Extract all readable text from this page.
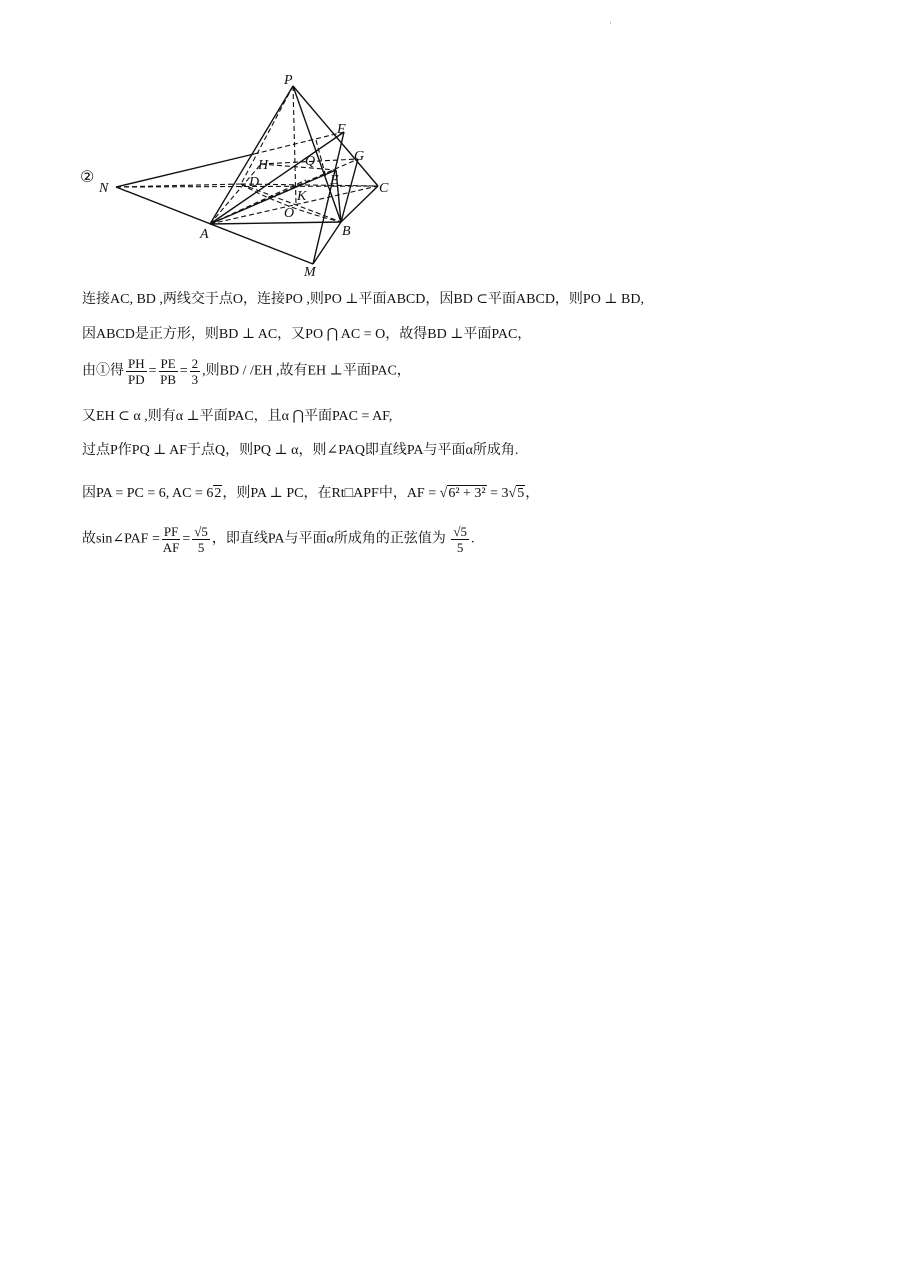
·
②
P
F
G
H	Q
D	E
C
K
O
N
A	B
M
连接AC, BD ,两线交于点O，连接PO ,则PO ⊥平面ABCD，因BD ⊂平面ABCD，则PO ⊥ BD,
因ABCD是正方形，则BD ⊥ AC，又PO ⋂ AC = O，故得BD ⊥平面PAC，
由①得 $\frac{PH}{PD} = \frac{PE}{PB} = \frac{2}{3}$ ,则BD / /EH ,故有EH ⊥平面PAC，
又EH ⊂ α ,则有α ⊥平面PAC，且α ⋂平面PAC = AF,
过点P作PQ ⊥ AF于点Q，则PQ ⊥ α，则∠PAQ即直线PA与平面α所成角.
因PA = PC = 6, AC = 62，则PA ⊥ PC，在Rt□APF中，AF = √6² + 3² = 3√5，
故sin∠PAF = $\frac{PF}{AF} = \frac{√5}{5}$ ，即直线PA与平面α所成角的正弦值为 $\frac{√5}{5}$ .
